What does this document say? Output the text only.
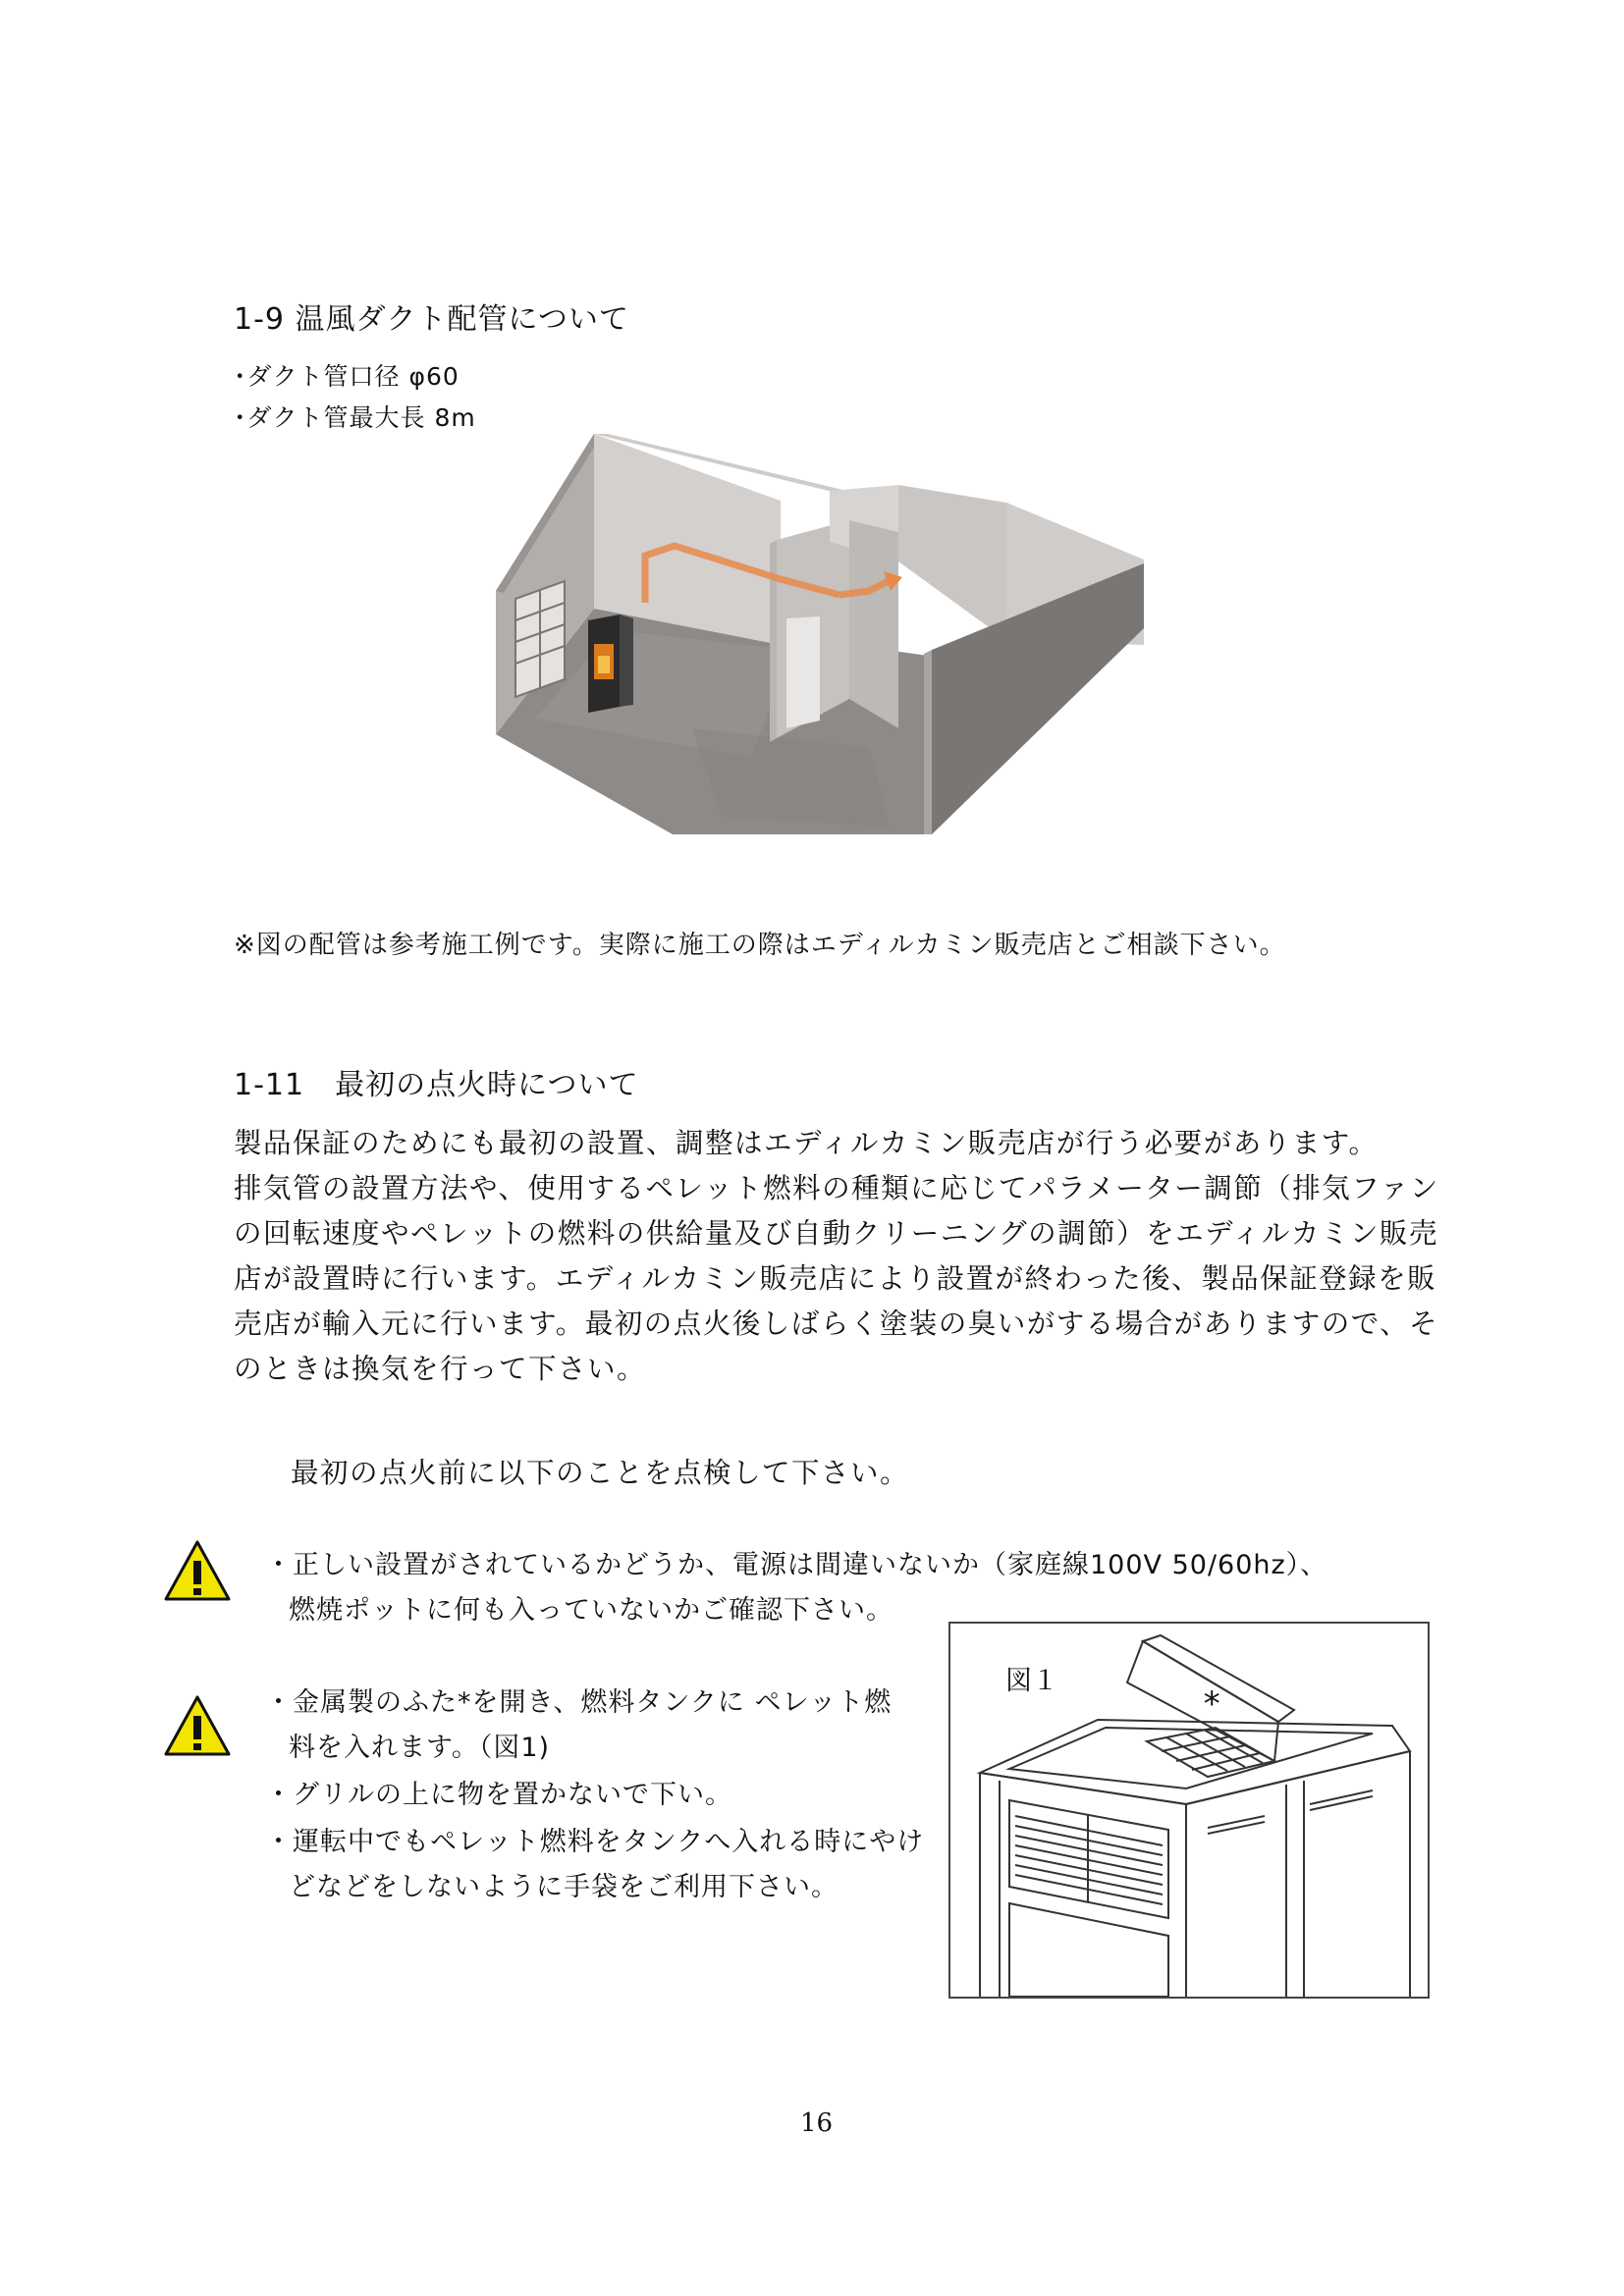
1-9 温風ダクト配管について
･ダクト管口径 φ60
･ダクト管最大長 8m
※図の配管は参考施工例です。実際に施工の際はエディルカミン販売店とご相談下さい。
1-11　最初の点火時について
製品保証のためにも最初の設置、調整はエディルカミン販売店が行う必要があります。
排気管の設置方法や、使用するペレット燃料の種類に応じてパラメーター調節（排気ファン
の回転速度やペレットの燃料の供給量及び自動クリーニングの調節）をエディルカミン販売
店が設置時に行います。エディルカミン販売店により設置が終わった後、製品保証登録を販
売店が輸入元に行います。最初の点火後しばらく塗装の臭いがする場合がありますので、そ
のときは換気を行って下さい。
最初の点火前に以下のことを点検して下さい。
・正しい設置がされているかどうか、電源は間違いないか（家庭線100V 50/60hz）、
燃焼ポットに何も入っていないかご確認下さい。
・金属製のふた*を開き、燃料タンクに ペレット燃
料を入れます。（図1)
・グリルの上に物を置かないで下い。
・運転中でもペレット燃料をタンクへ入れる時にやけ
どなどをしないように手袋をご利用下さい。
図１
*
16
